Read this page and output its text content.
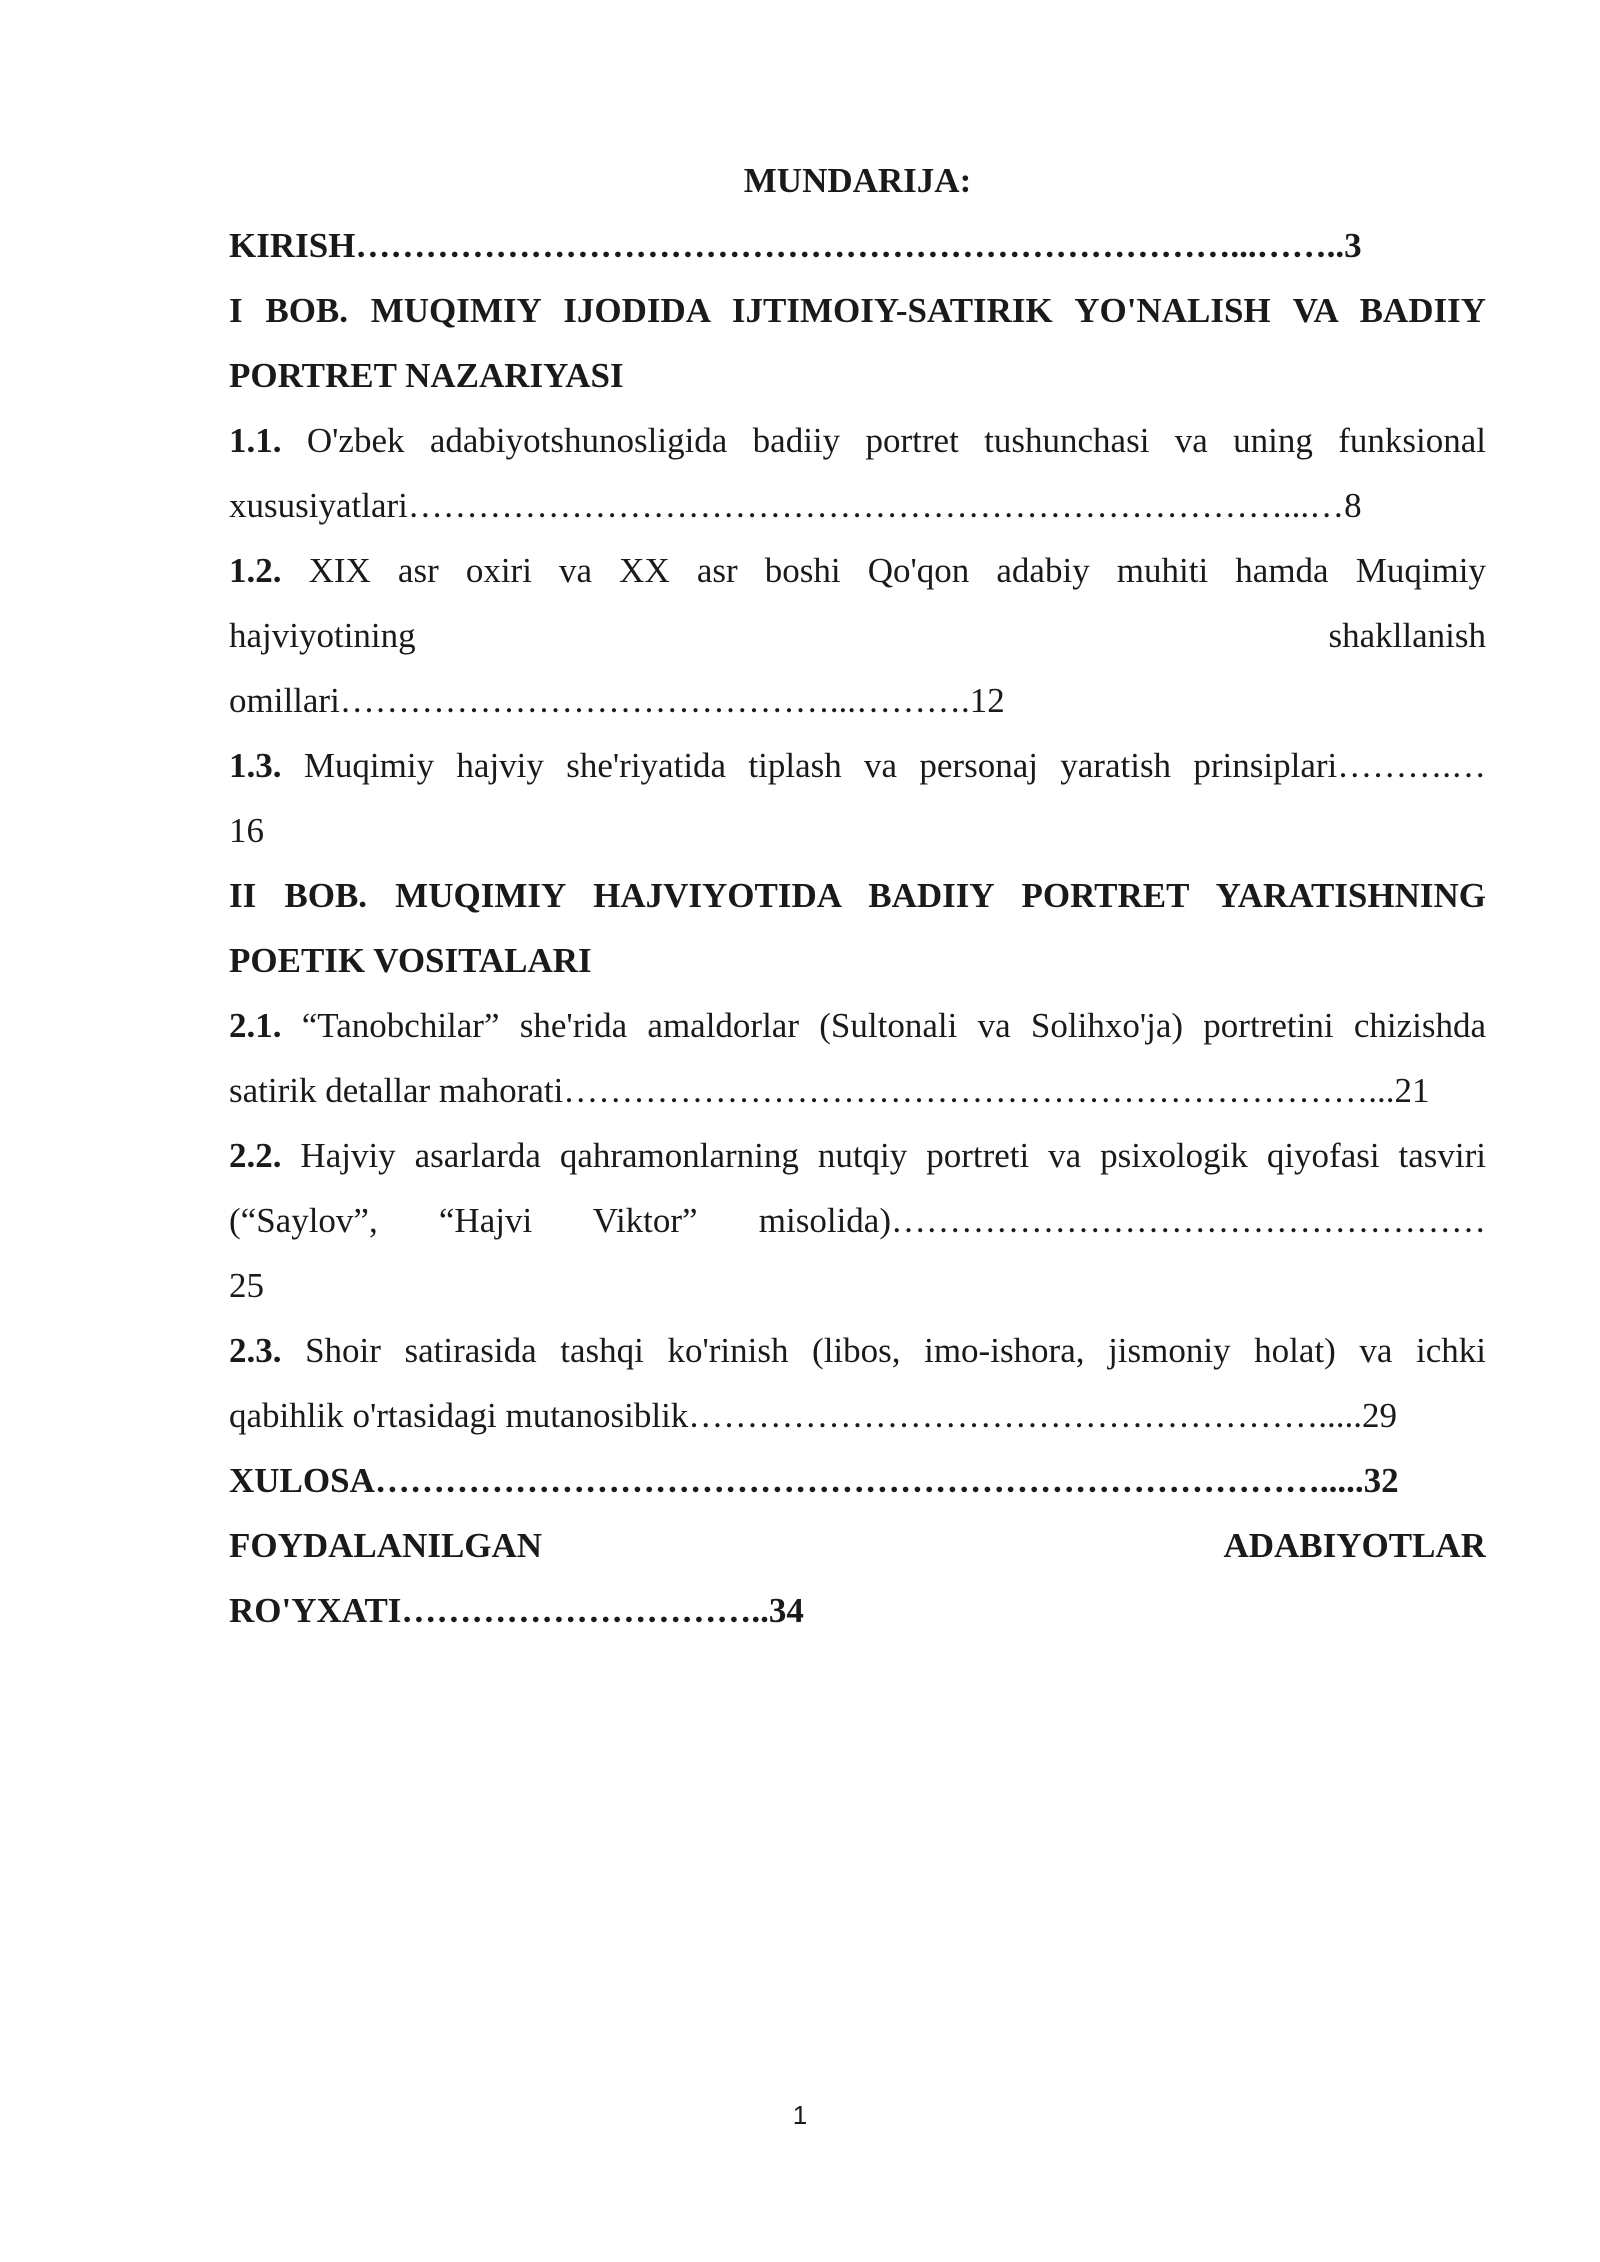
MUNDARIJA:
KIRISH…………………………………………………………………...……..3
I BOB. MUQIMIY IJODIDA IJTIMOIY-SATIRIK YO'NALISH VA BADIIY
PORTRET NAZARIYASI
1.1. O'zbek adabiyotshunosligida badiiy portret tushunchasi va uning funksional
xususiyatlari…………………………………………………………………...…8
1.2. XIX asr oxiri va XX asr boshi Qo'qon adabiy muhiti hamda Muqimiy
hajviyotining	shakllanish
omillari……………………………………...……….12
1.3. Muqimiy hajviy she'riyatida tiplash va personaj yaratish prinsiplari……….…
16
II BOB. MUQIMIY HAJVIYOTIDA BADIIY PORTRET YARATISHNING
POETIK VOSITALARI
2.1. “Tanobchilar” she'rida amaldorlar (Sultonali va Solihxo'ja) portretini chizishda
satirik detallar mahorati……………………………………………………………...21
2.2. Hajviy asarlarda qahramonlarning nutqiy portreti va psixologik qiyofasi tasviri
(“Saylov”,  “Hajvi  Viktor”  misolida)……………………………………………
25
2.3. Shoir satirasida tashqi ko'rinish (libos, imo-ishora, jismoniy holat) va ichki
qabihlik o'rtasidagi mutanosiblik……………………………………………….....29
XULOSA……………………………………………………………………….....32
FOYDALANILGAN	ADABIYOTLAR
RO'YXATI…………………………..34
1
